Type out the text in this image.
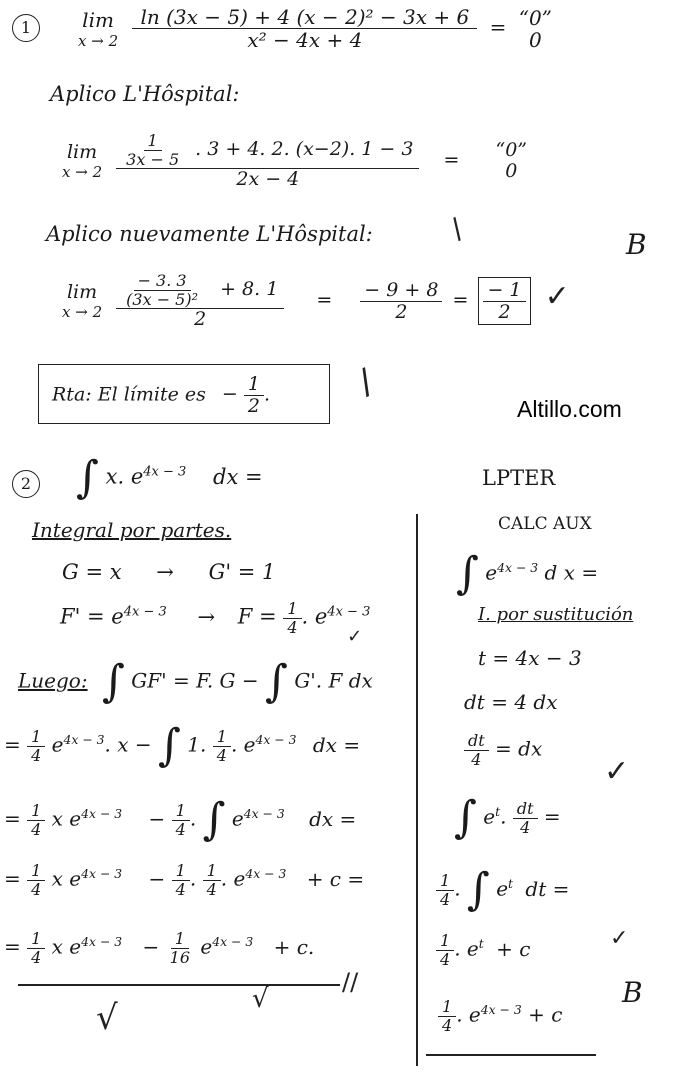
1	lim
x → 2
$\frac{\text{ln (3x − 5) + 4 (x − 2)² − 3x + 6}}{\text{x² − 4x + 4}}$ = “0”
0
Aplico L'Hôspital:
lim
x → 2
$\frac{\frac{1}{3x - 5} . 3 + 4. 2. (x-2). 1 - 3}{2x - 4}$ = “0”
0
/
Aplico nuevamente L'Hôspital:	B
lim
x → 2
$\frac{\frac{- 3. 3}{\text{(3x − 5)²}} + 8. 1}{2} = \frac{- 9 + 8}{2} = \frac{- 1}{2}$ ✓
Rta: El límite es − $\frac{1}{2}$ . /
Altillo.com
2 ∫ x. $e^{4x - 3}$ dx =	LPTER
Integral por partes.
G = x → G' = 1
$F' = e^{4x - 3} \to F = \frac{1}{4}$ . $e^{4x - 3}$ ✓
Luego: ∫ GF' = F. G − ∫ G'. F dx
= $\frac{1}{4} e^{4x - 3}$. x − ∫ 1. $\frac{1}{4}$ . $e^{4x - 3}$ dx =
= $\frac{1}{4}$ x $e^{4x - 3} - \frac{1}{4}$ . ∫ $e^{4x - 3}$ dx =
= $\frac{1}{4}$ x $e^{4x - 3} - \frac{1}{4}$ . $\frac{1}{4}$ . $e^{4x - 3} + c$ =
= $\frac{1}{4}$ x $e^{4x - 3} - \frac{1}{16} e^{4x - 3} + c$.
//
√	√
CALC AUX
∫ $e^{4x - 3}$ d x =
I. por sustitución
t = 4x − 3
dt = 4 dx
$\frac{dt}{4}$ = dx
✓
∫ $e^t$. $\frac{dt}{4}$ =
$\frac{1}{4}$ . ∫ $e^t$ dt =
$\frac{1}{4}$ . $e^t + c$	✓
B
$\frac{1}{4}$ . $e^{4x - 3} + c$
